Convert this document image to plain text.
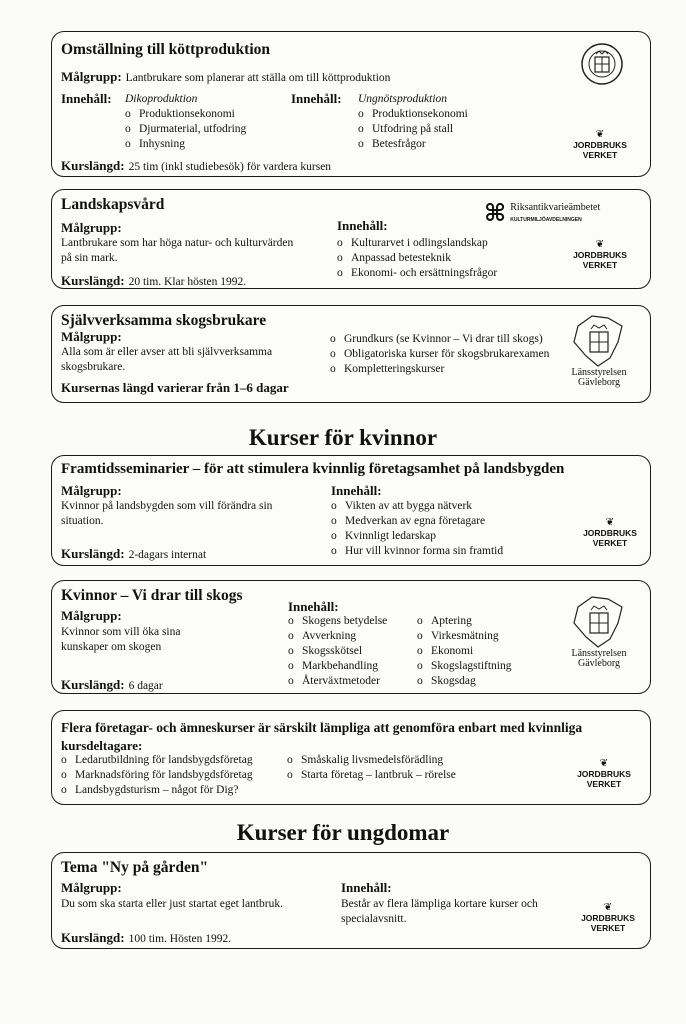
Omställning till köttproduktion
Målgrupp: Lantbrukare som planerar att ställa om till köttproduktion
Innehåll: Dikoproduktion
o Produktionsekonomi
o Djurmaterial, utfodring
o Inhysning
Innehåll: Ungnötsproduktion
o Produktionsekonomi
o Utfodring på stall
o Betesfrågor
Kurslängd: 25 tim (inkl studiebesök) för vardera kursen
❦
JORDBRUKS
VERKET
Landskapsvård
Målgrupp:
Lantbrukare som har höga natur- och kulturvärden
på sin mark.
Kurslängd: 20 tim. Klar hösten 1992.
Innehåll:
o Kulturarvet i odlingslandskap
o Anpassad betesteknik
o Ekonomi- och ersättningsfrågor
⌘ Riksantikvarieämbetet
KULTURMILJÖAVDELNINGEN
❦
JORDBRUKS
VERKET
Självverksamma skogsbrukare
Målgrupp:
Alla som är eller avser att bli självverksamma
skogsbrukare.
Kursernas längd varierar från 1–6 dagar
o Grundkurs (se Kvinnor – Vi drar till skogs)
o Obligatoriska kurser för skogsbrukarexamen
o Kompletteringskurser	Länsstyrelsen
Gävleborg
Kurser för kvinnor
Framtidsseminarier – för att stimulera kvinnlig företagsamhet på landsbygden
Målgrupp:
Kvinnor på landsbygden som vill förändra sin
situation.
Kurslängd: 2-dagars internat
Innehåll:
o Vikten av att bygga nätverk
o Medverkan av egna företagare
o Kvinnligt ledarskap
o Hur vill kvinnor forma sin framtid
❦
JORDBRUKS
VERKET
Kvinnor – Vi drar till skogs
Målgrupp:
Kvinnor som vill öka sina
kunskaper om skogen
Kurslängd: 6 dagar
Innehåll:
o Skogens betydelse
o Avverkning
o Skogsskötsel
o Markbehandling
o Återväxtmetoder
o Aptering
o Virkesmätning
o Ekonomi
o Skogslagstiftning
o Skogsdag
Länsstyrelsen
Gävleborg
Flera företagar- och ämneskurser är särskilt lämpliga att genomföra enbart med kvinnliga
kursdeltagare:
o Ledarutbildning för landsbygdsföretag
o Marknadsföring för landsbygdsföretag
o Landsbygdsturism – något för Dig?
o Småskalig livsmedelsförädling
o Starta företag – lantbruk – rörelse
❦
JORDBRUKS
VERKET
Kurser för ungdomar
Tema "Ny på gården"
Målgrupp:
Du som ska starta eller just startat eget lantbruk.
Kurslängd: 100 tim. Hösten 1992.
Innehåll:
Består av flera lämpliga kortare kurser och
specialavsnitt.
❦
JORDBRUKS
VERKET
